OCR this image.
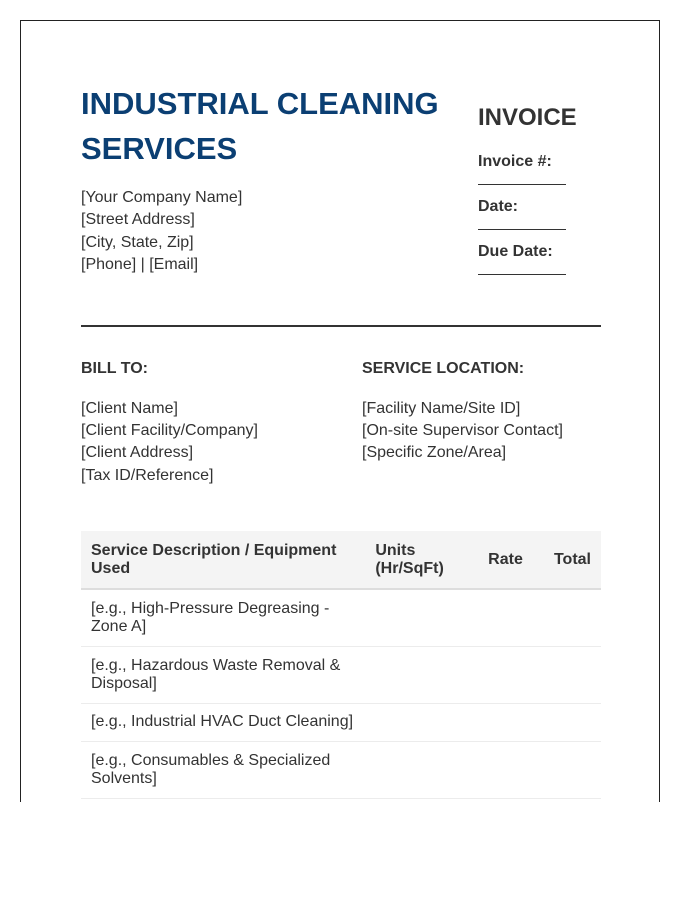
INDUSTRIAL CLEANING SERVICES
[Your Company Name]
[Street Address]
[City, State, Zip]
[Phone] | [Email]
INVOICE
Invoice #:
Date:
Due Date:
BILL TO:
[Client Name]
[Client Facility/Company]
[Client Address]
[Tax ID/Reference]
SERVICE LOCATION:
[Facility Name/Site ID]
[On-site Supervisor Contact]
[Specific Zone/Area]
Service Description / Equipment Used	Units (Hr/SqFt)	Rate	Total
[e.g., High-Pressure Degreasing - Zone A]			
[e.g., Hazardous Waste Removal & Disposal]			
[e.g., Industrial HVAC Duct Cleaning]			
[e.g., Consumables & Specialized Solvents]			
